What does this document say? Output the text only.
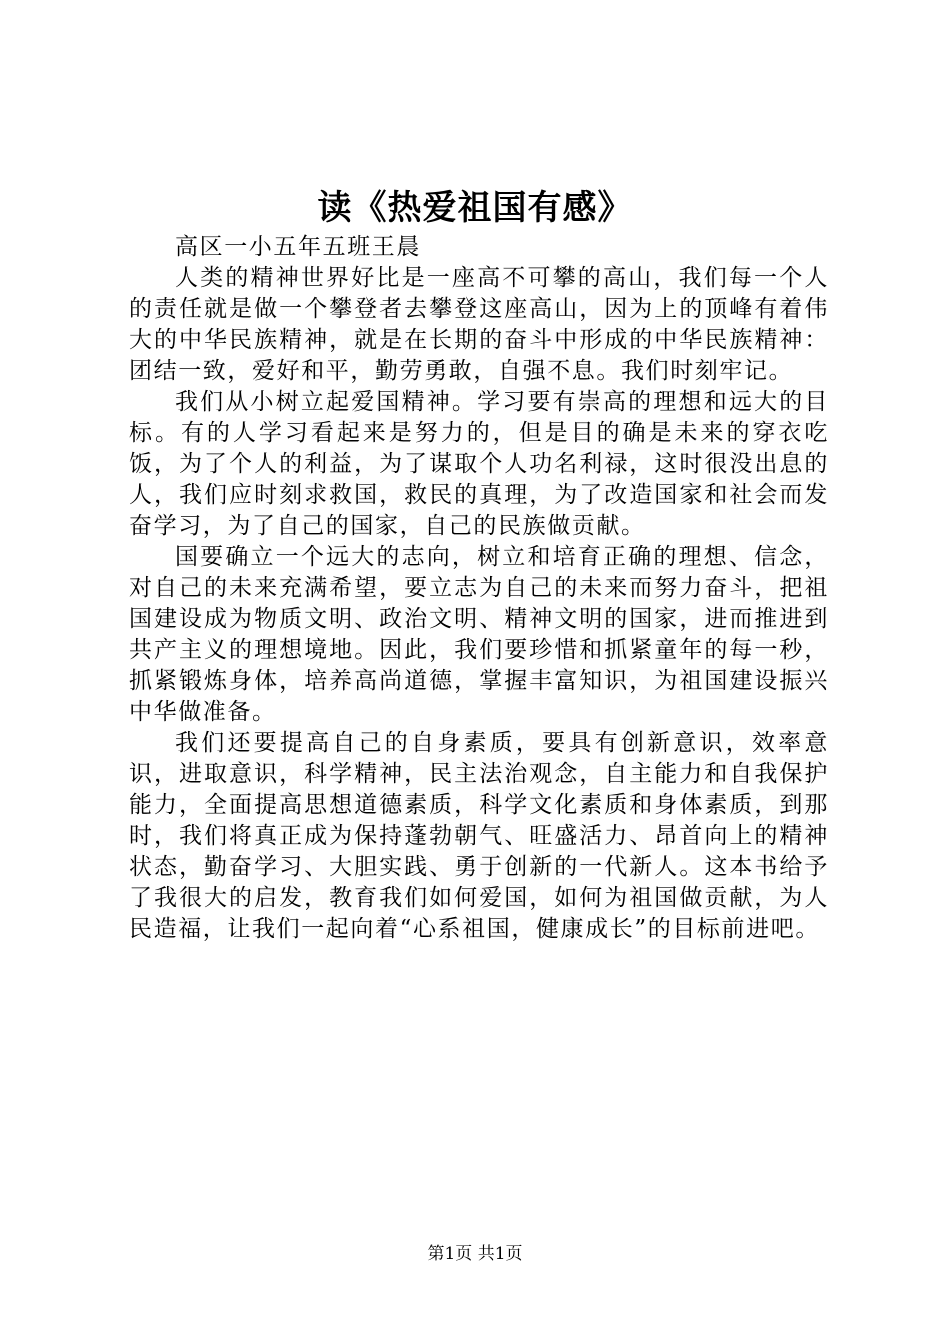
读《热爱祖国有感》

高区一小五年五班王晨

人类的精神世界好比是一座高不可攀的高山，我们每一个人的责任就是做一个攀登者去攀登这座高山，因为上的顶峰有着伟大的中华民族精神，就是在长期的奋斗中形成的中华民族精神：团结一致，爱好和平，勤劳勇敢，自强不息。我们时刻牢记。

我们从小树立起爱国精神。学习要有崇高的理想和远大的目标。有的人学习看起来是努力的，但是目的确是未来的穿衣吃饭，为了个人的利益，为了谋取个人功名利禄，这时很没出息的人，我们应时刻求救国，救民的真理，为了改造国家和社会而发奋学习，为了自己的国家，自己的民族做贡献。

国要确立一个远大的志向，树立和培育正确的理想、信念，对自己的未来充满希望，要立志为自己的未来而努力奋斗，把祖国建设成为物质文明、政治文明、精神文明的国家，进而推进到共产主义的理想境地。因此，我们要珍惜和抓紧童年的每一秒，抓紧锻炼身体，培养高尚道德，掌握丰富知识，为祖国建设振兴中华做准备。

我们还要提高自己的自身素质，要具有创新意识，效率意识，进取意识，科学精神，民主法治观念，自主能力和自我保护能力，全面提高思想道德素质，科学文化素质和身体素质，到那时，我们将真正成为保持蓬勃朝气、旺盛活力、昂首向上的精神状态，勤奋学习、大胆实践、勇于创新的一代新人。这本书给予了我很大的启发，教育我们如何爱国，如何为祖国做贡献，为人民造福，让我们一起向着“心系祖国，健康成长”的目标前进吧。

第1页 共1页
